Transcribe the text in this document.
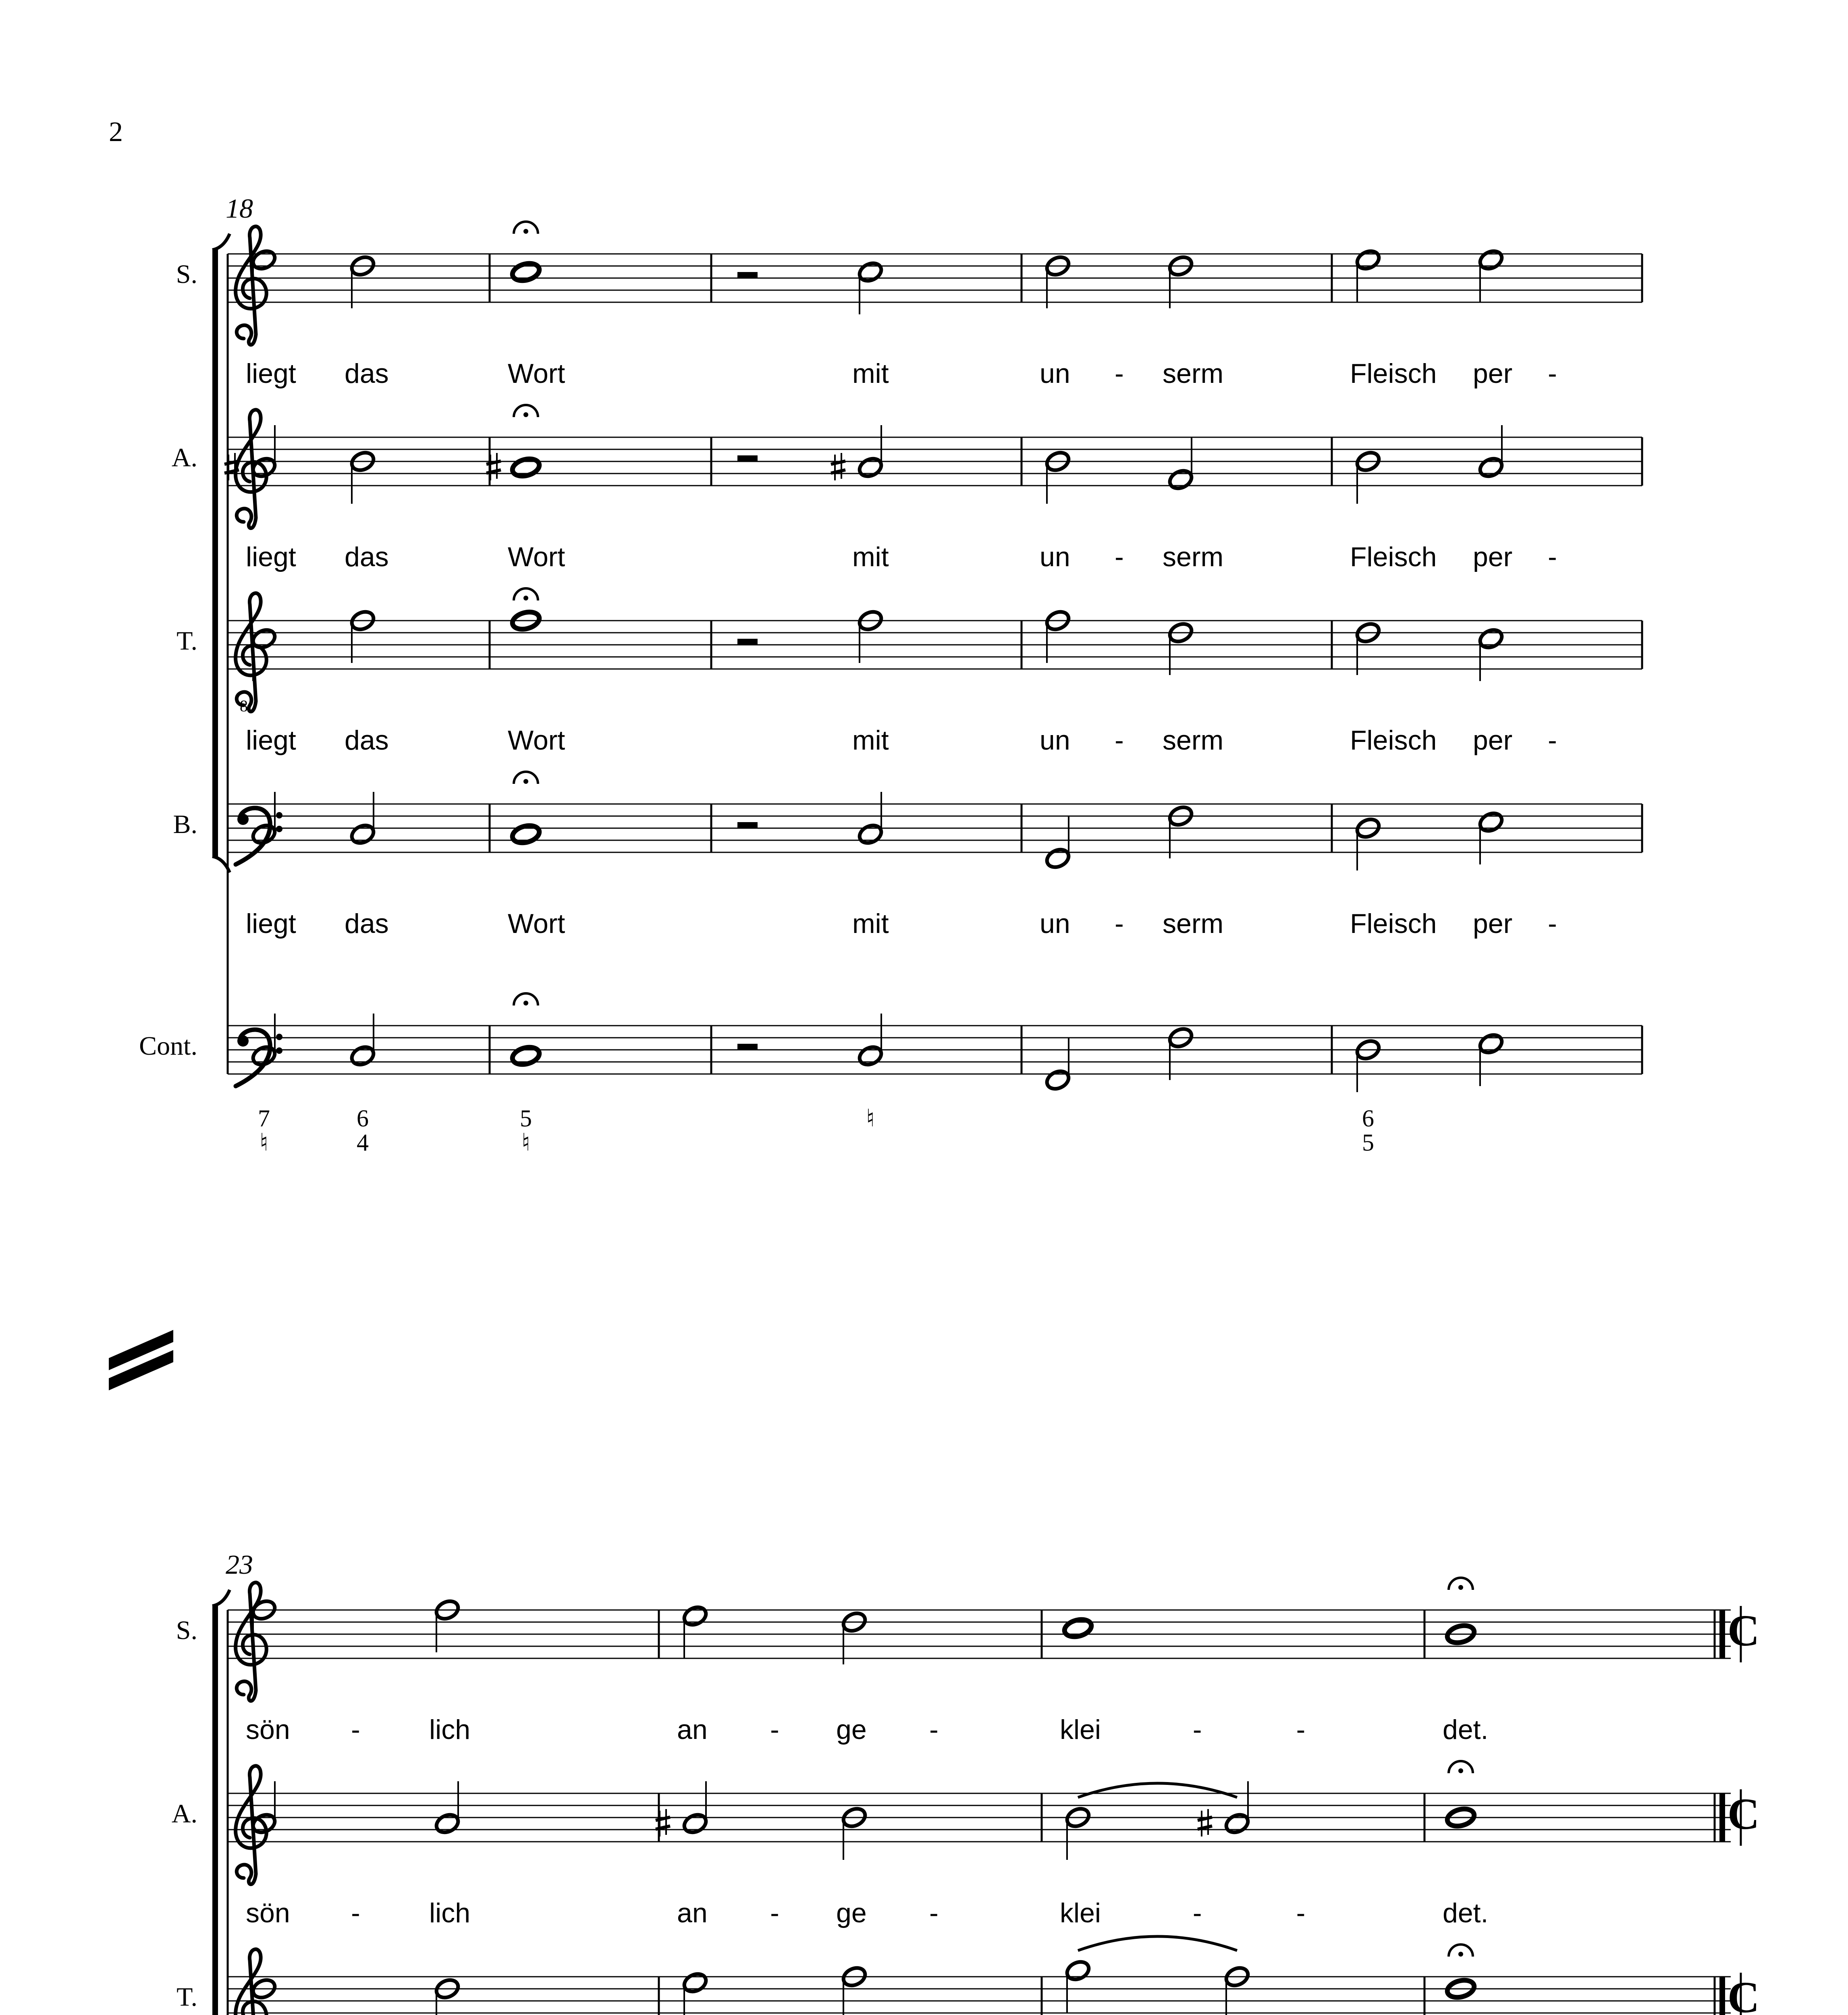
2
18
S.
liegt das	Wort	mit	un - serm	Fleisch per -
A.
liegt das	Wort	mit	un - serm	Fleisch per -
T.
8
liegt das	Wort	mit	un - serm	Fleisch per -
B.
liegt das	Wort	mit	un - serm	Fleisch per -
Cont.
7
♮
6
4
5
♮
♮	6
5
23
S.	C
sön -	lich	an - ge -	klei	-	-	det.
A.	C
sön -	lich	an - ge -	klei	-	-	det.
T.	C
